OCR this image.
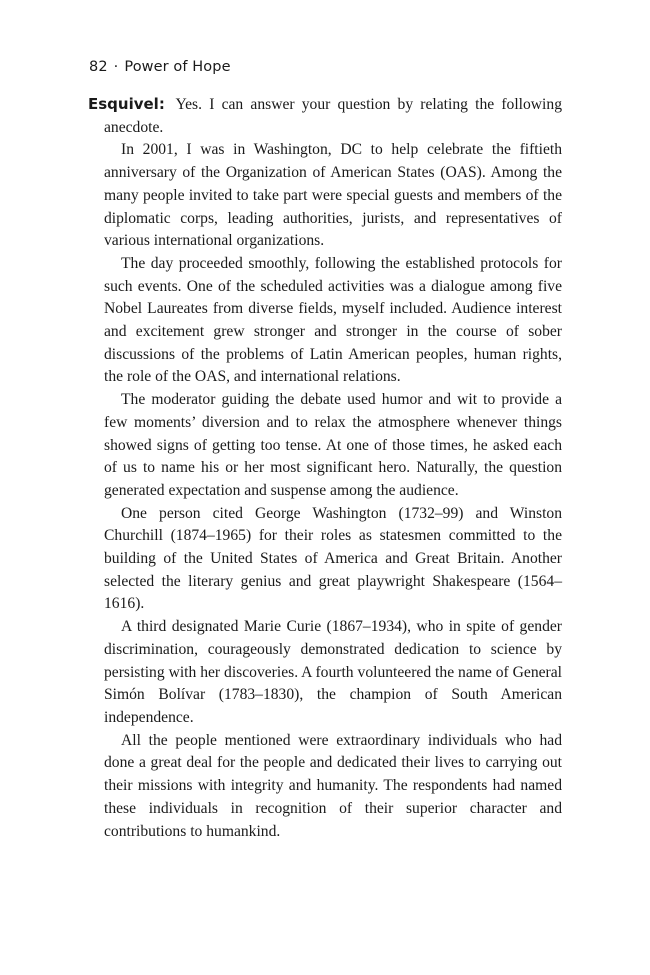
82 · Power of Hope

Esquivel: Yes. I can answer your question by relating the following anecdote.

In 2001, I was in Washington, DC to help celebrate the fiftieth anniversary of the Organization of American States (OAS). Among the many people invited to take part were special guests and members of the diplomatic corps, leading authorities, jurists, and representatives of various international organizations.

The day proceeded smoothly, following the established protocols for such events. One of the scheduled activities was a dialogue among five Nobel Laureates from diverse fields, myself included. Audience interest and excitement grew stronger and stronger in the course of sober discussions of the problems of Latin American peoples, human rights, the role of the OAS, and international relations.

The moderator guiding the debate used humor and wit to provide a few moments’ diversion and to relax the atmosphere whenever things showed signs of getting too tense. At one of those times, he asked each of us to name his or her most significant hero. Naturally, the question generated expectation and suspense among the audience.

One person cited George Washington (1732–99) and Winston Churchill (1874–1965) for their roles as statesmen committed to the building of the United States of America and Great Britain. Another selected the literary genius and great playwright Shakespeare (1564–1616).

A third designated Marie Curie (1867–1934), who in spite of gender discrimination, courageously demonstrated dedication to science by persisting with her discoveries. A fourth volunteered the name of General Simón Bolívar (1783–1830), the champion of South American independence.

All the people mentioned were extraordinary individuals who had done a great deal for the people and dedicated their lives to carrying out their missions with integrity and humanity. The respondents had named these individuals in recognition of their superior character and contributions to humankind.
